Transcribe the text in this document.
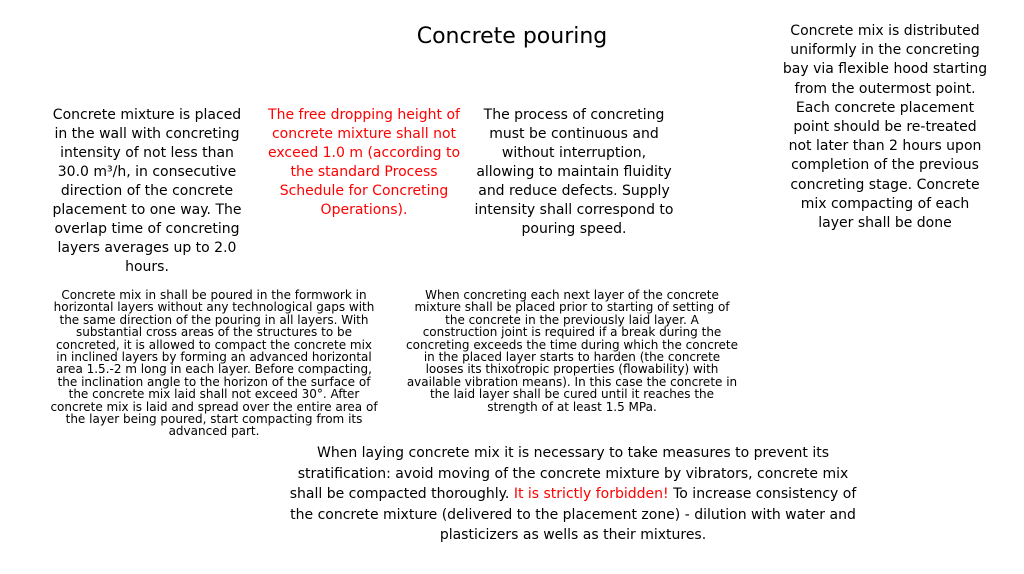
Concrete pouring

Concrete mixture is placed in the wall with concreting intensity of not less than 30.0 m³/h, in consecutive direction of the concrete placement to one way. The overlap time of concreting layers averages up to 2.0 hours.

The free dropping height of concrete mixture shall not exceed 1.0 m (according to the standard Process Schedule for Concreting Operations).

The process of concreting must be continuous and without interruption, allowing to maintain fluidity and reduce defects. Supply intensity shall correspond to pouring speed.

Concrete mix is distributed uniformly in the concreting bay via flexible hood starting from the outermost point. Each concrete placement point should be re-treated not later than 2 hours upon completion of the previous concreting stage. Concrete mix compacting of each layer shall be done

Concrete mix in shall be poured in the formwork in horizontal layers without any technological gaps with the same direction of the pouring in all layers. With substantial cross areas of the structures to be concreted, it is allowed to compact the concrete mix in inclined layers by forming an advanced horizontal area 1.5.-2 m long in each layer. Before compacting, the inclination angle to the horizon of the surface of the concrete mix laid shall not exceed 30°. After concrete mix is laid and spread over the entire area of the layer being poured, start compacting from its advanced part.

When concreting each next layer of the concrete mixture shall be placed prior to starting of setting of the concrete in the previously laid layer. A construction joint is required if a break during the concreting exceeds the time during which the concrete in the placed layer starts to harden (the concrete looses its thixotropic properties (flowability) with available vibration means). In this case the concrete in the laid layer shall be cured until it reaches the strength of at least 1.5 MPa.

When laying concrete mix it is necessary to take measures to prevent its stratification: avoid moving of the concrete mixture by vibrators, concrete mix shall be compacted thoroughly. It is strictly forbidden! To increase consistency of the concrete mixture (delivered to the placement zone) - dilution with water and plasticizers as wells as their mixtures.
